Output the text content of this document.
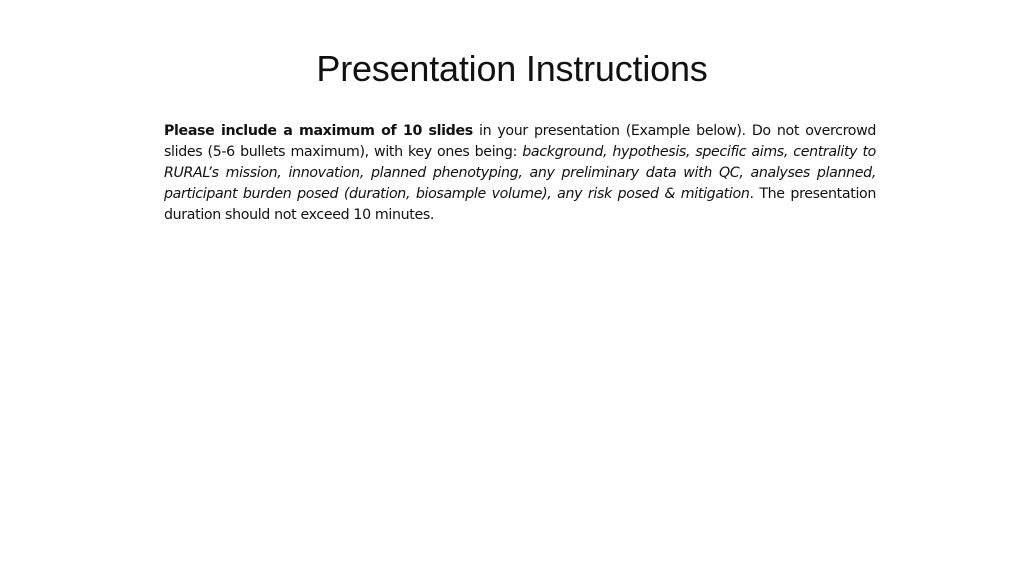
Presentation Instructions

Please include a maximum of 10 slides in your presentation (Example below). Do not overcrowd slides (5-6 bullets maximum), with key ones being: background, hypothesis, specific aims, centrality to RURAL’s mission, innovation, planned phenotyping, any preliminary data with QC, analyses planned, participant burden posed (duration, biosample volume), any risk posed & mitigation. The presentation duration should not exceed 10 minutes.
